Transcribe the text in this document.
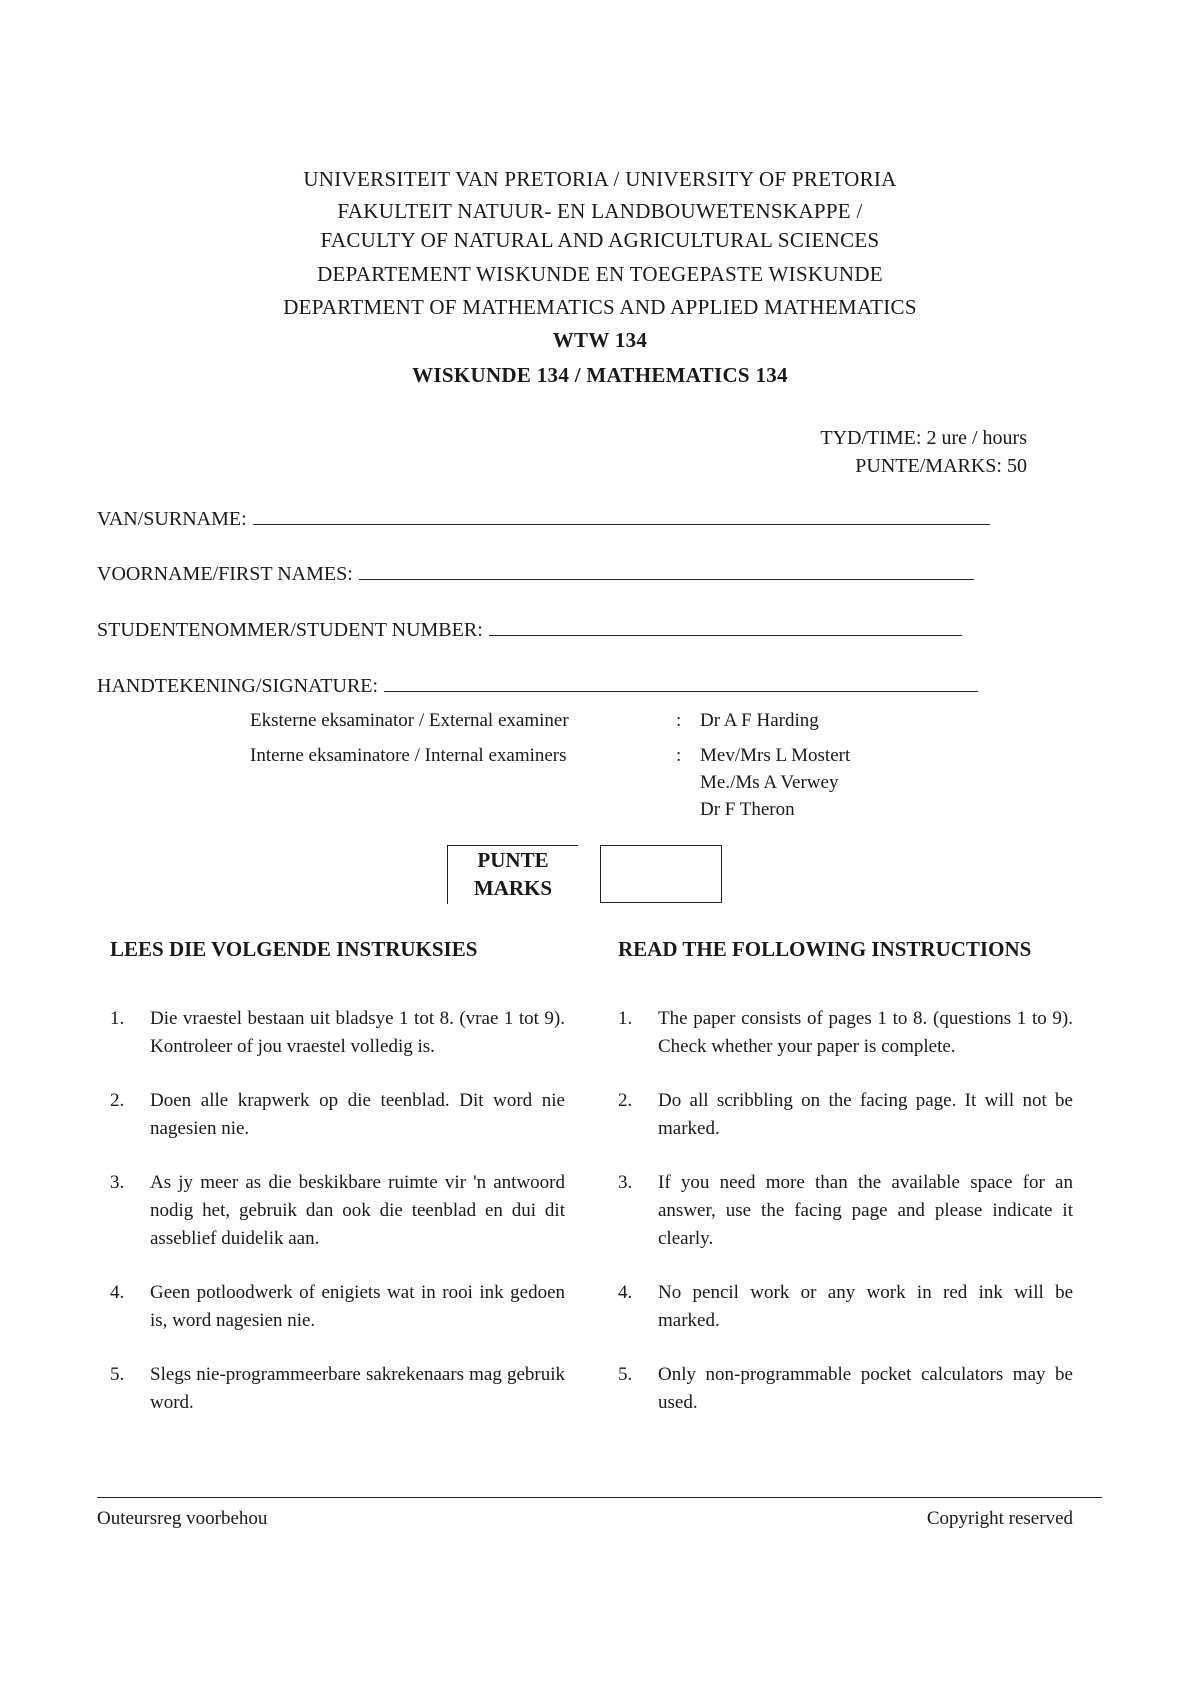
UNIVERSITEIT VAN PRETORIA / UNIVERSITY OF PRETORIA
FAKULTEIT NATUUR- EN LANDBOUWETENSKAPPE /
FACULTY OF NATURAL AND AGRICULTURAL SCIENCES
DEPARTEMENT WISKUNDE EN TOEGEPASTE WISKUNDE
DEPARTMENT OF MATHEMATICS AND APPLIED MATHEMATICS
WTW 134
WISKUNDE 134 / MATHEMATICS 134
TYD/TIME: 2 ure / hours
PUNTE/MARKS: 50
VAN/SURNAME:
VOORNAME/FIRST NAMES:
STUDENTENOMMER/STUDENT NUMBER:
HANDTEKENING/SIGNATURE:
Eksterne eksaminator / External examiner	: Dr A F Harding
Interne eksaminatore / Internal examiners	: Mev/Mrs L Mostert
Me./Ms A Verwey
Dr F Theron
PUNTE
MARKS
LEES DIE VOLGENDE INSTRUKSIES
1.	Die vraestel bestaan uit bladsye 1 tot 8. (vrae 1 tot 9). Kontroleer of jou vraestel volledig is.
2.	Doen alle krapwerk op die teenblad. Dit word nie nagesien nie.
3.	As jy meer as die beskikbare ruimte vir 'n antwoord nodig het, gebruik dan ook die teenblad en dui dit asseblief duidelik aan.
4.	Geen potloodwerk of enigiets wat in rooi ink gedoen is, word nagesien nie.
5.	Slegs nie-programmeerbare sakrekenaars mag gebruik word.
READ THE FOLLOWING INSTRUCTIONS
1.	The paper consists of pages 1 to 8. (questions 1 to 9). Check whether your paper is complete.
2.	Do all scribbling on the facing page. It will not be marked.
3.	If you need more than the available space for an answer, use the facing page and please indicate it clearly.
4.	No pencil work or any work in red ink will be marked.
5.	Only non-programmable pocket calculators may be used.
Outeursreg voorbehou	Copyright reserved
